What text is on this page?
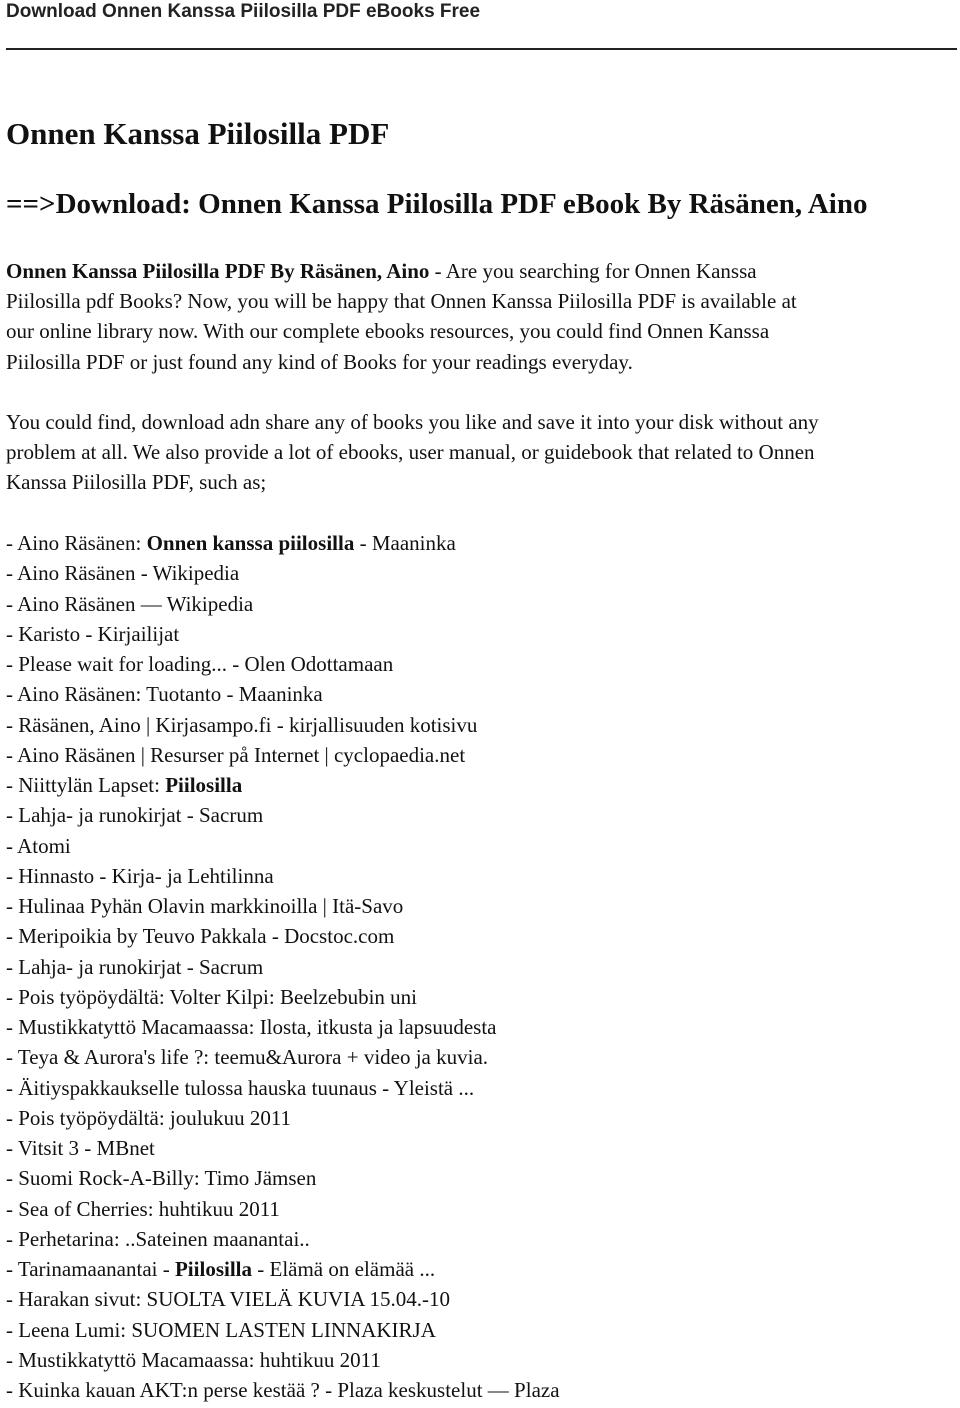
Download Onnen Kanssa Piilosilla PDF eBooks Free
Onnen Kanssa Piilosilla PDF
==>Download: Onnen Kanssa Piilosilla PDF eBook By Räsänen, Aino

Onnen Kanssa Piilosilla PDF By Räsänen, Aino - Are you searching for Onnen Kanssa
Piilosilla pdf Books? Now, you will be happy that Onnen Kanssa Piilosilla PDF is available at
our online library now. With our complete ebooks resources, you could find Onnen Kanssa
Piilosilla PDF or just found any kind of Books for your readings everyday.

You could find, download adn share any of books you like and save it into your disk without any
problem at all. We also provide a lot of ebooks, user manual, or guidebook that related to Onnen
Kanssa Piilosilla PDF, such as;

- Aino Räsänen: Onnen kanssa piilosilla - Maaninka
- Aino Räsänen - Wikipedia
- Aino Räsänen — Wikipedia
- Karisto - Kirjailijat
- Please wait for loading... - Olen Odottamaan
- Aino Räsänen: Tuotanto - Maaninka
- Räsänen, Aino | Kirjasampo.fi - kirjallisuuden kotisivu
- Aino Räsänen | Resurser på Internet | cyclopaedia.net
- Niittylän Lapset: Piilosilla
- Lahja- ja runokirjat - Sacrum
- Atomi
- Hinnasto - Kirja- ja Lehtilinna
- Hulinaa Pyhän Olavin markkinoilla | Itä-Savo
- Meripoikia by Teuvo Pakkala - Docstoc.com
- Lahja- ja runokirjat - Sacrum
- Pois työpöydältä: Volter Kilpi: Beelzebubin uni
- Mustikkatyttö Macamaassa: Ilosta, itkusta ja lapsuudesta
- Teya & Aurora's life ?: teemu&Aurora + video ja kuvia.
- Äitiyspakkaukselle tulossa hauska tuunaus - Yleistä ...
- Pois työpöydältä: joulukuu 2011
- Vitsit 3 - MBnet
- Suomi Rock-A-Billy: Timo Jämsen
- Sea of Cherries: huhtikuu 2011
- Perhetarina: ..Sateinen maanantai..
- Tarinamaanantai - Piilosilla - Elämä on elämää ...
- Harakan sivut: SUOLTA VIELÄ KUVIA 15.04.-10
- Leena Lumi: SUOMEN LASTEN LINNAKIRJA
- Mustikkatyttö Macamaassa: huhtikuu 2011
- Kuinka kauan AKT:n perse kestää ? - Plaza keskustelut — Plaza
